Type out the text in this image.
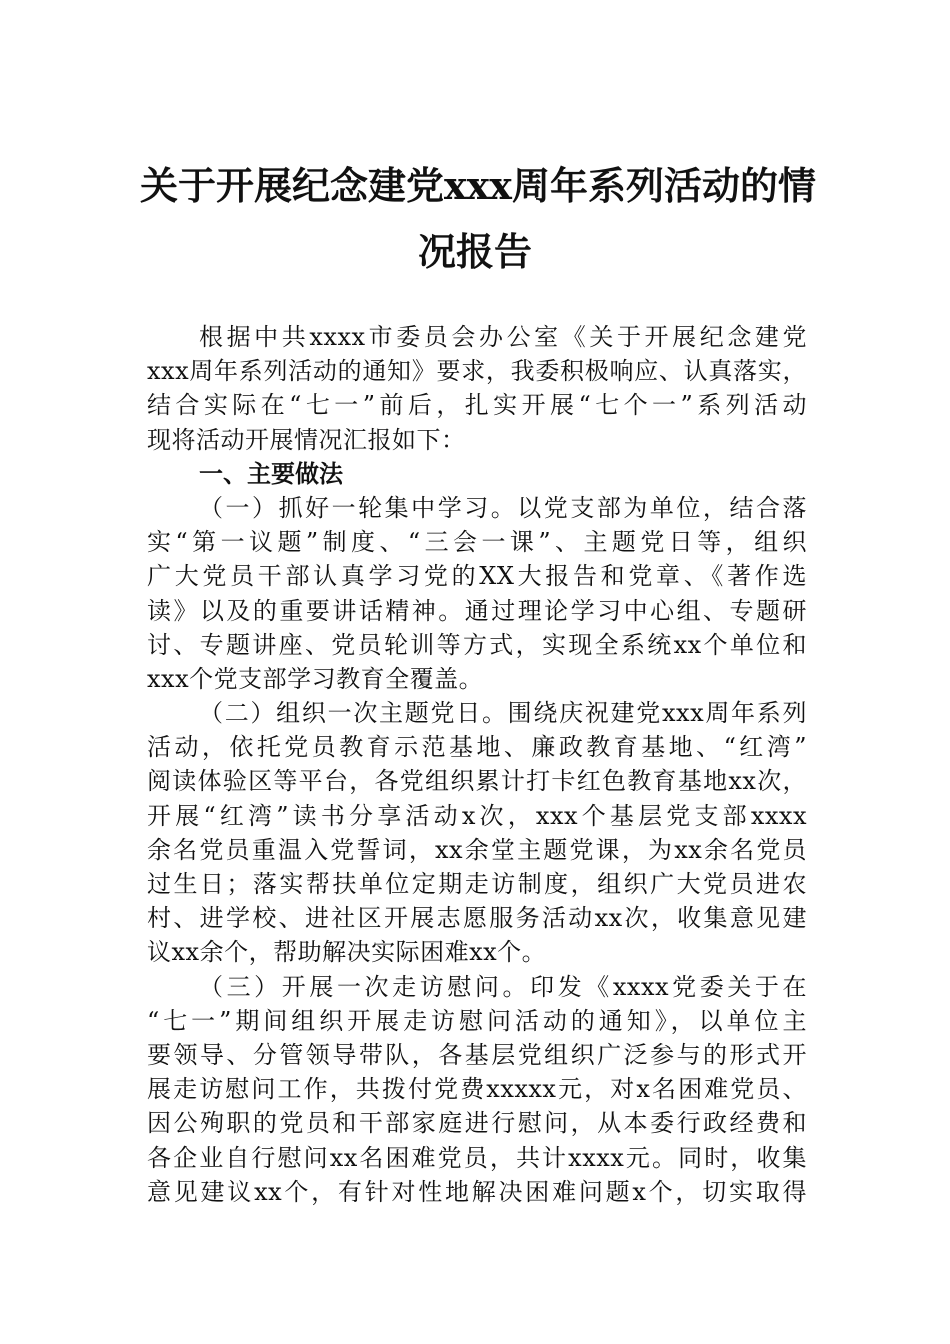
关于开展纪念建党xxx周年系列活动的情
况报告
根据中共xxxx市委员会办公室《关于开展纪念建党
xxx周年系列活动的通知》要求，我委积极响应、认真落实，
结合实际在“七一”前后，扎实开展“七个一”系列活动
现将活动开展情况汇报如下：
一、主要做法
（一）抓好一轮集中学习。以党支部为单位，结合落
实“第一议题”制度、“三会一课”、主题党日等，组织
广大党员干部认真学习党的XX大报告和党章、《著作选
读》以及的重要讲话精神。通过理论学习中心组、专题研
讨、专题讲座、党员轮训等方式，实现全系统xx个单位和
xxx个党支部学习教育全覆盖。
（二）组织一次主题党日。围绕庆祝建党xxx周年系列
活动，依托党员教育示范基地、廉政教育基地、“红湾”
阅读体验区等平台，各党组织累计打卡红色教育基地xx次，
开展“红湾”读书分享活动x次，xxx个基层党支部xxxx
余名党员重温入党誓词，xx余堂主题党课，为xx余名党员
过生日；落实帮扶单位定期走访制度，组织广大党员进农
村、进学校、进社区开展志愿服务活动xx次，收集意见建
议xx余个，帮助解决实际困难xx个。
（三）开展一次走访慰问。印发《xxxx党委关于在
“七一”期间组织开展走访慰问活动的通知》，以单位主
要领导、分管领导带队，各基层党组织广泛参与的形式开
展走访慰问工作，共拨付党费xxxxx元，对x名困难党员、
因公殉职的党员和干部家庭进行慰问，从本委行政经费和
各企业自行慰问xx名困难党员，共计xxxx元。同时，收集
意见建议xx个，有针对性地解决困难问题x个，切实取得
